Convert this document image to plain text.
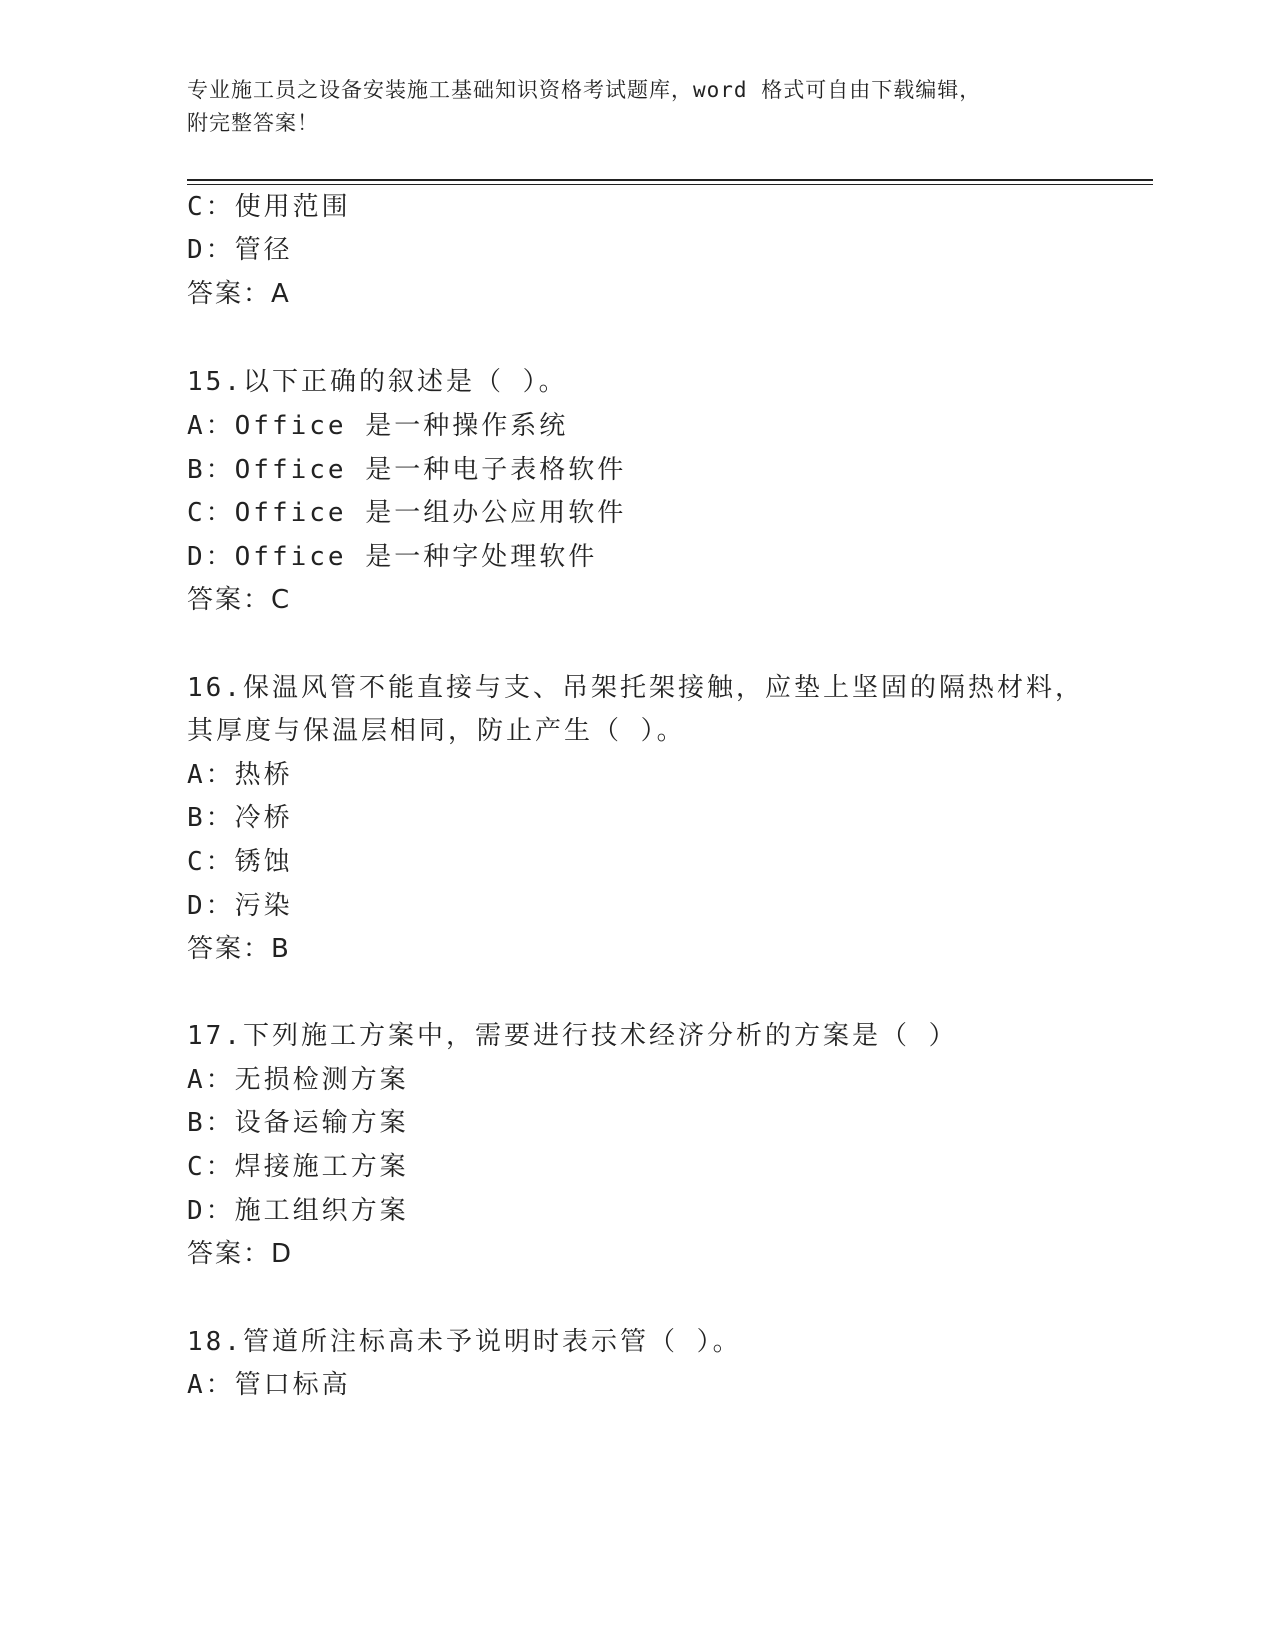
专业施工员之设备安装施工基础知识资格考试题库，word 格式可自由下载编辑，
附完整答案！
C：使用范围
D：管径
答案：A
15.以下正确的叙述是（ ）。
A：Office 是一种操作系统
B：Office 是一种电子表格软件
C：Office 是一组办公应用软件
D：Office 是一种字处理软件
答案：C
16.保温风管不能直接与支、吊架托架接触，应垫上坚固的隔热材料，
其厚度与保温层相同，防止产生（ ）。
A：热桥
B：冷桥
C：锈蚀
D：污染
答案：B
17.下列施工方案中，需要进行技术经济分析的方案是（ ）
A：无损检测方案
B：设备运输方案
C：焊接施工方案
D：施工组织方案
答案：D
18.管道所注标高未予说明时表示管（ ）。
A：管口标高
